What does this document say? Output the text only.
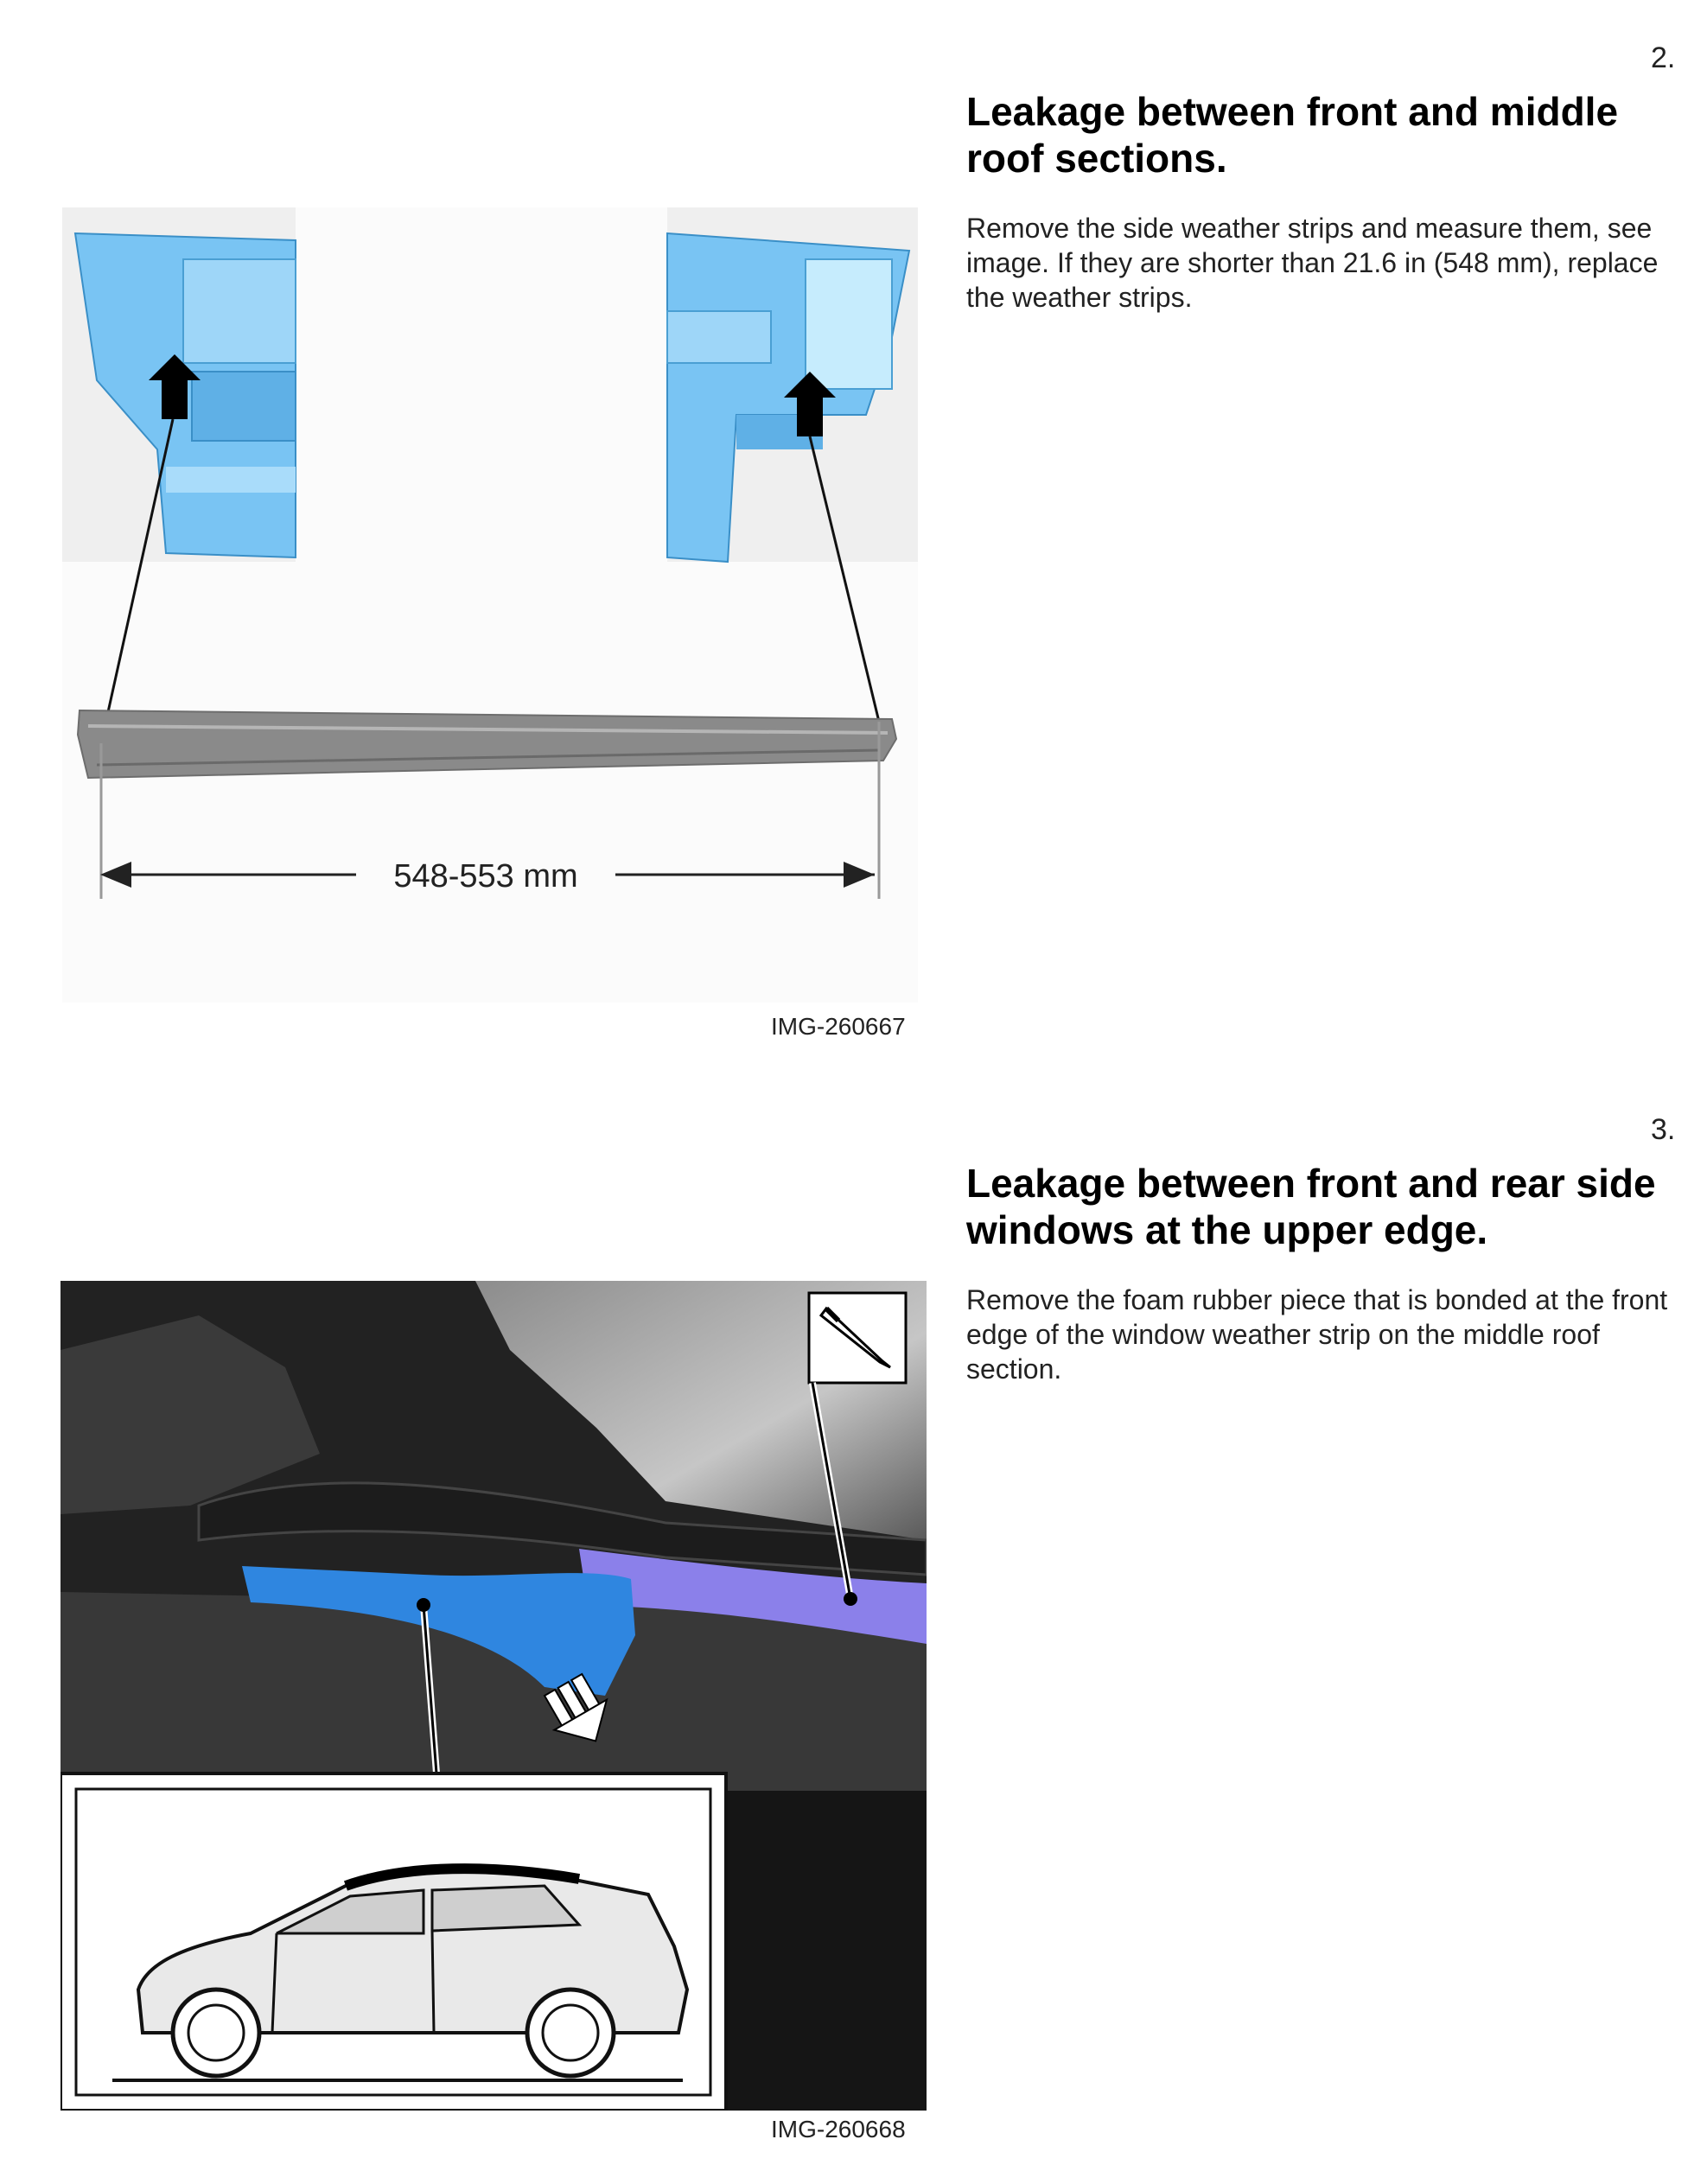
2.
Leakage between front and middle roof sections.
Remove the side weather strips and measure them, see image. If they are shorter than 21.6 in (548 mm), replace the weather strips.
548-553 mm
IMG-260667
3.
Leakage between front and rear side windows at the upper edge.
Remove the foam rubber piece that is bonded at the front edge of the window weather strip on the middle roof section.
IMG-260668
